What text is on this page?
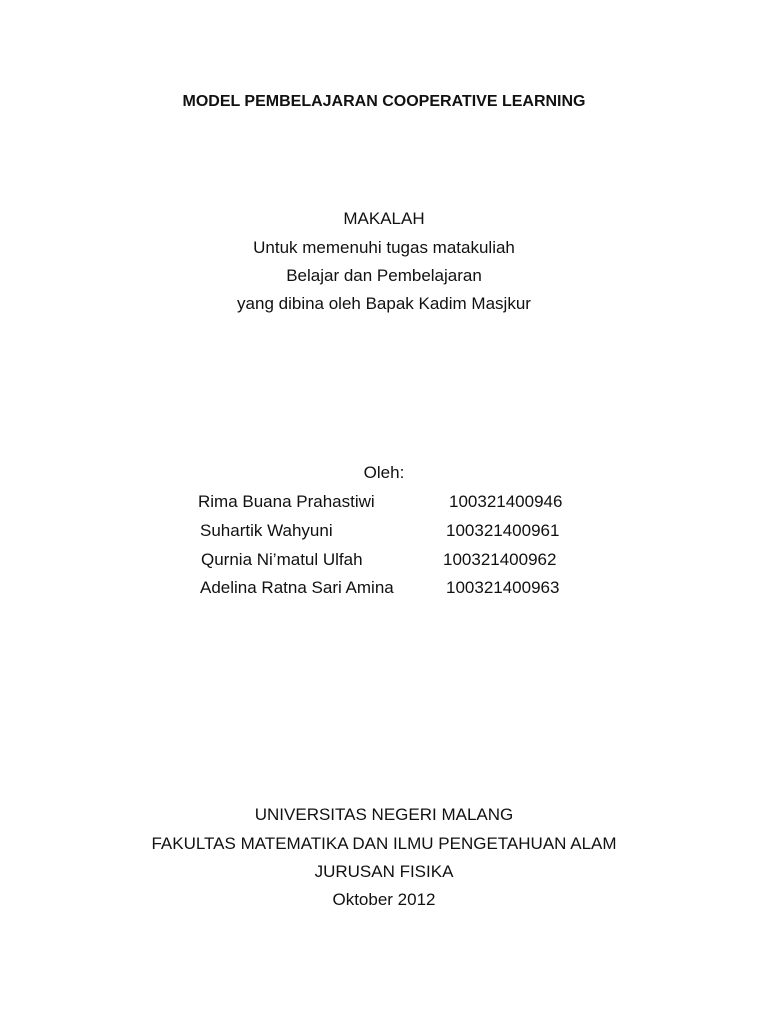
MODEL PEMBELAJARAN COOPERATIVE LEARNING
MAKALAH
Untuk memenuhi tugas matakuliah
Belajar dan Pembelajaran
yang dibina oleh Bapak Kadim Masjkur
Oleh:
Rima Buana Prahastiwi	100321400946
Suhartik Wahyuni	100321400961
Qurnia Ni’matul Ulfah	100321400962
Adelina Ratna Sari Amina	100321400963
UNIVERSITAS NEGERI MALANG
FAKULTAS MATEMATIKA DAN ILMU PENGETAHUAN ALAM
JURUSAN FISIKA
Oktober 2012
